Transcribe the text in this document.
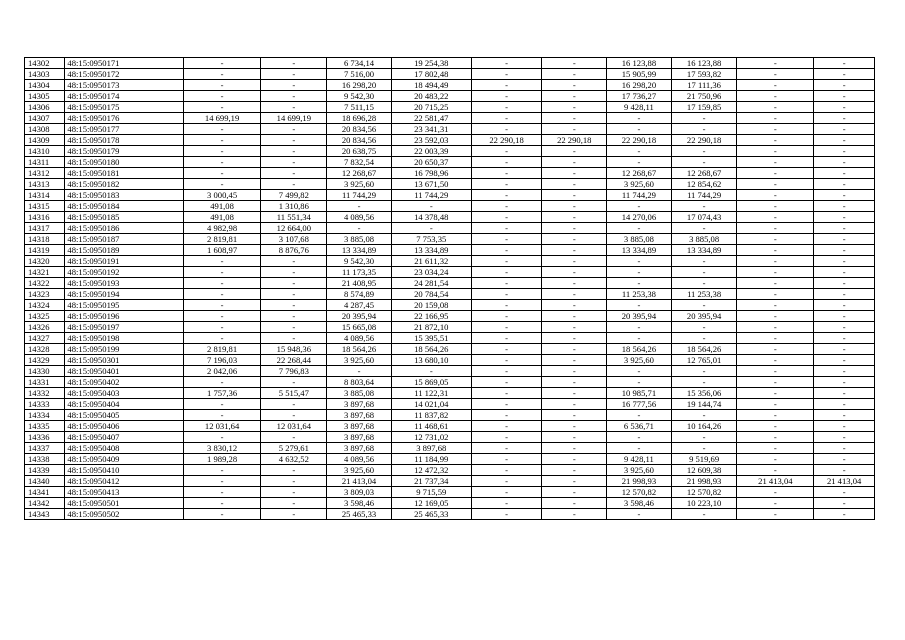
14302	48:15:0950171	-	-	6 734,14	19 254,38	-	-	16 123,88	16 123,88	-	-
14303	48:15:0950172	-	-	7 516,00	17 802,48	-	-	15 905,99	17 593,82	-	-
14304	48:15:0950173	-	-	16 298,20	18 494,49	-	-	16 298,20	17 111,36	-	-
14305	48:15:0950174	-	-	9 542,30	20 483,22	-	-	17 736,27	21 750,96	-	-
14306	48:15:0950175	-	-	7 511,15	20 715,25	-	-	9 428,11	17 159,85	-	-
14307	48:15:0950176	14 699,19	14 699,19	18 696,28	22 581,47	-	-	-	-	-	-
14308	48:15:0950177	-	-	20 834,56	23 341,31	-	-	-	-	-	-
14309	48:15:0950178	-	-	20 834,56	23 592,03	22 290,18	22 290,18	22 290,18	22 290,18	-	-
14310	48:15:0950179	-	-	20 638,75	22 003,39	-	-	-	-	-	-
14311	48:15:0950180	-	-	7 832,54	20 650,37	-	-	-	-	-	-
14312	48:15:0950181	-	-	12 268,67	16 798,96	-	-	12 268,67	12 268,67	-	-
14313	48:15:0950182	-	-	3 925,60	13 671,50	-	-	3 925,60	12 854,62	-	-
14314	48:15:0950183	3 000,45	7 499,82	11 744,29	11 744,29	-	-	11 744,29	11 744,29	-	-
14315	48:15:0950184	491,08	1 310,86	-	-	-	-	-	-	-	-
14316	48:15:0950185	491,08	11 551,34	4 089,56	14 378,48	-	-	14 270,06	17 074,43	-	-
14317	48:15:0950186	4 982,98	12 664,00	-	-	-	-	-	-	-	-
14318	48:15:0950187	2 819,81	3 107,68	3 885,08	7 753,35	-	-	3 885,08	3 885,08	-	-
14319	48:15:0950189	1 608,97	8 876,76	13 334,89	13 334,89	-	-	13 334,89	13 334,89	-	-
14320	48:15:0950191	-	-	9 542,30	21 611,32	-	-	-	-	-	-
14321	48:15:0950192	-	-	11 173,35	23 034,24	-	-	-	-	-	-
14322	48:15:0950193	-	-	21 408,95	24 281,54	-	-	-	-	-	-
14323	48:15:0950194	-	-	8 574,89	20 784,54	-	-	11 253,38	11 253,38	-	-
14324	48:15:0950195	-	-	4 287,45	20 159,08	-	-	-	-	-	-
14325	48:15:0950196	-	-	20 395,94	22 166,95	-	-	20 395,94	20 395,94	-	-
14326	48:15:0950197	-	-	15 665,08	21 872,10	-	-	-	-	-	-
14327	48:15:0950198	-	-	4 089,56	15 395,51	-	-	-	-	-	-
14328	48:15:0950199	2 819,81	15 948,36	18 564,26	18 564,26	-	-	18 564,26	18 564,26	-	-
14329	48:15:0950301	7 196,03	22 268,44	3 925,60	13 680,10	-	-	3 925,60	12 765,01	-	-
14330	48:15:0950401	2 042,06	7 796,83	-	-	-	-	-	-	-	-
14331	48:15:0950402	-	-	8 803,64	15 869,05	-	-	-	-	-	-
14332	48:15:0950403	1 757,36	5 515,47	3 885,08	11 122,31	-	-	10 985,71	15 356,06	-	-
14333	48:15:0950404	-	-	3 897,68	14 021,04	-	-	16 777,56	19 144,74	-	-
14334	48:15:0950405	-	-	3 897,68	11 837,82	-	-	-	-	-	-
14335	48:15:0950406	12 031,64	12 031,64	3 897,68	11 468,61	-	-	6 536,71	10 164,26	-	-
14336	48:15:0950407	-	-	3 897,68	12 731,02	-	-	-	-	-	-
14337	48:15:0950408	3 830,12	5 279,61	3 897,68	3 897,68	-	-	-	-	-	-
14338	48:15:0950409	1 989,28	4 632,52	4 089,56	11 184,99	-	-	9 428,11	9 519,69	-	-
14339	48:15:0950410	-	-	3 925,60	12 472,32	-	-	3 925,60	12 609,38	-	-
14340	48:15:0950412	-	-	21 413,04	21 737,34	-	-	21 998,93	21 998,93	21 413,04	21 413,04
14341	48:15:0950413	-	-	3 809,03	9 715,59	-	-	12 570,82	12 570,82	-	-
14342	48:15:0950501	-	-	3 598,46	12 169,05	-	-	3 598,46	10 223,10	-	-
14343	48:15:0950502	-	-	25 465,33	25 465,33	-	-	-	-	-	-
